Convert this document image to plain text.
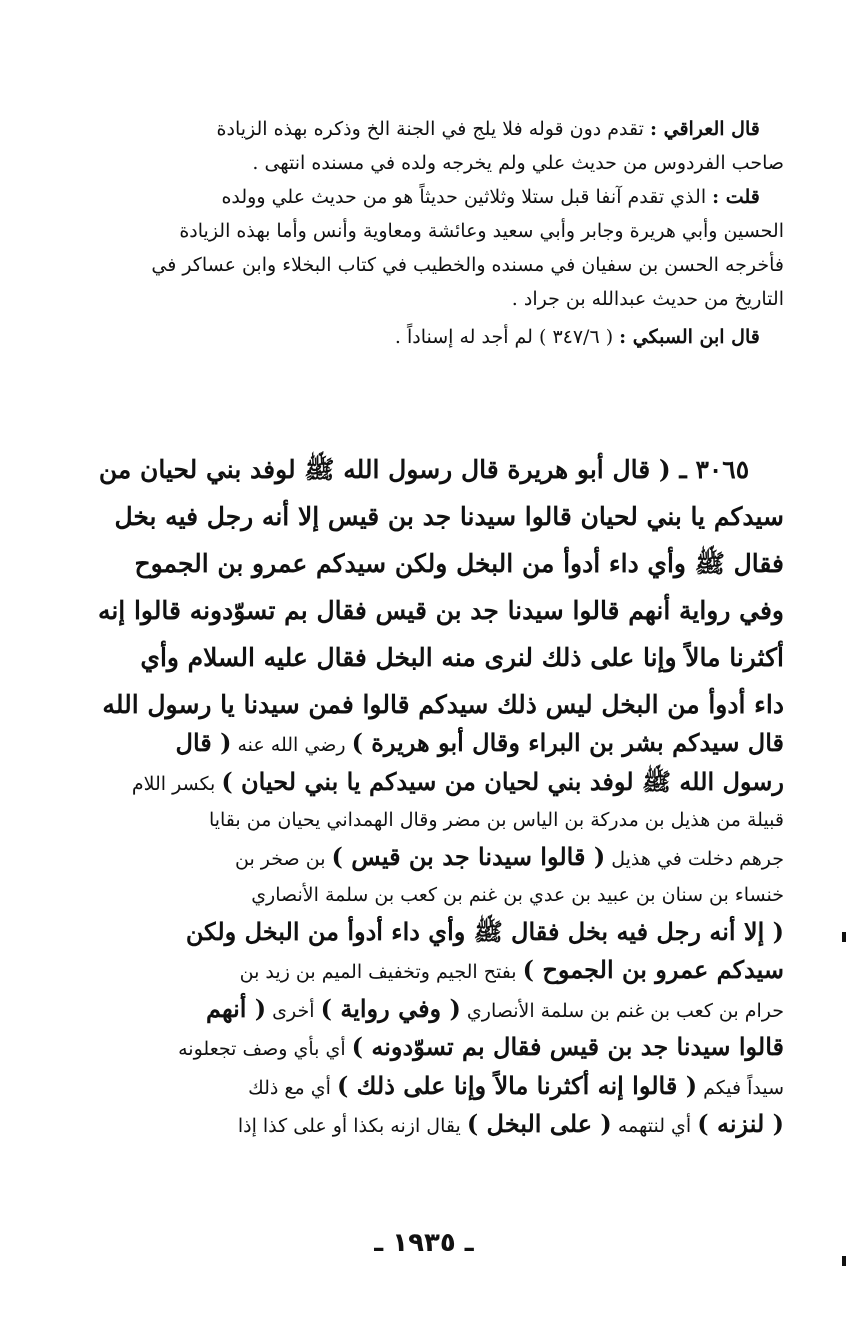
قال العراقي : تقدم دون قوله فلا يلج في الجنة الخ وذكره بهذه الزيادة
صاحب الفردوس من حديث علي ولم يخرجه ولده في مسنده انتهى .
قلت : الذي تقدم آنفا قبل ستلا وثلاثين حديثاً هو من حديث علي وولده
الحسين وأبي هريرة وجابر وأبي سعيد وعائشة ومعاوية وأنس وأما بهذه الزيادة
فأخرجه الحسن بن سفيان في مسنده والخطيب في كتاب البخلاء وابن عساكر في
التاريخ من حديث عبدالله بن جراد .
قال ابن السبكي : ( ٣٤٧/٦ ) لم أجد له إسناداً .
٣٠٦٥ ـ ( قال أبو هريرة قال رسول الله ﷺ لوفد بني لحيان من
سيدكم يا بني لحيان قالوا سيدنا جد بن قيس إلا أنه رجل فيه بخل
فقال ﷺ وأي داء أدوأ من البخل ولكن سيدكم عمرو بن الجموح
وفي رواية أنهم قالوا سيدنا جد بن قيس فقال بم تسوّدونه قالوا إنه
أكثرنا مالاً وإنا على ذلك لنرى منه البخل فقال عليه السلام وأي
داء أدوأ من البخل ليس ذلك سيدكم قالوا فمن سيدنا يا رسول الله
قال سيدكم بشر بن البراء وقال أبو هريرة ) رضي الله عنه ( قال
رسول الله ﷺ لوفد بني لحيان من سيدكم يا بني لحيان ) بكسر اللام
قبيلة من هذيل بن مدركة بن الياس بن مضر وقال الهمداني يحيان من بقايا
جرهم دخلت في هذيل ( قالوا سيدنا جد بن قيس ) بن صخر بن
خنساء بن سنان بن عبيد بن عدي بن غنم بن كعب بن سلمة الأنصاري
( إلا أنه رجل فيه بخل فقال ﷺ وأي داء أدوأ من البخل ولكن
سيدكم عمرو بن الجموح ) بفتح الجيم وتخفيف الميم بن زيد بن
حرام بن كعب بن غنم بن سلمة الأنصاري ( وفي رواية ) أخرى ( أنهم
قالوا سيدنا جد بن قيس فقال بم تسوّدونه ) أي بأي وصف تجعلونه
سيداً فيكم ( قالوا إنه أكثرنا مالاً وإنا على ذلك ) أي مع ذلك
( لنزنه ) أي لنتهمه ( على البخل ) يقال ازنه بكذا أو على كذا إذا
ـ ١٩٣٥ ـ
